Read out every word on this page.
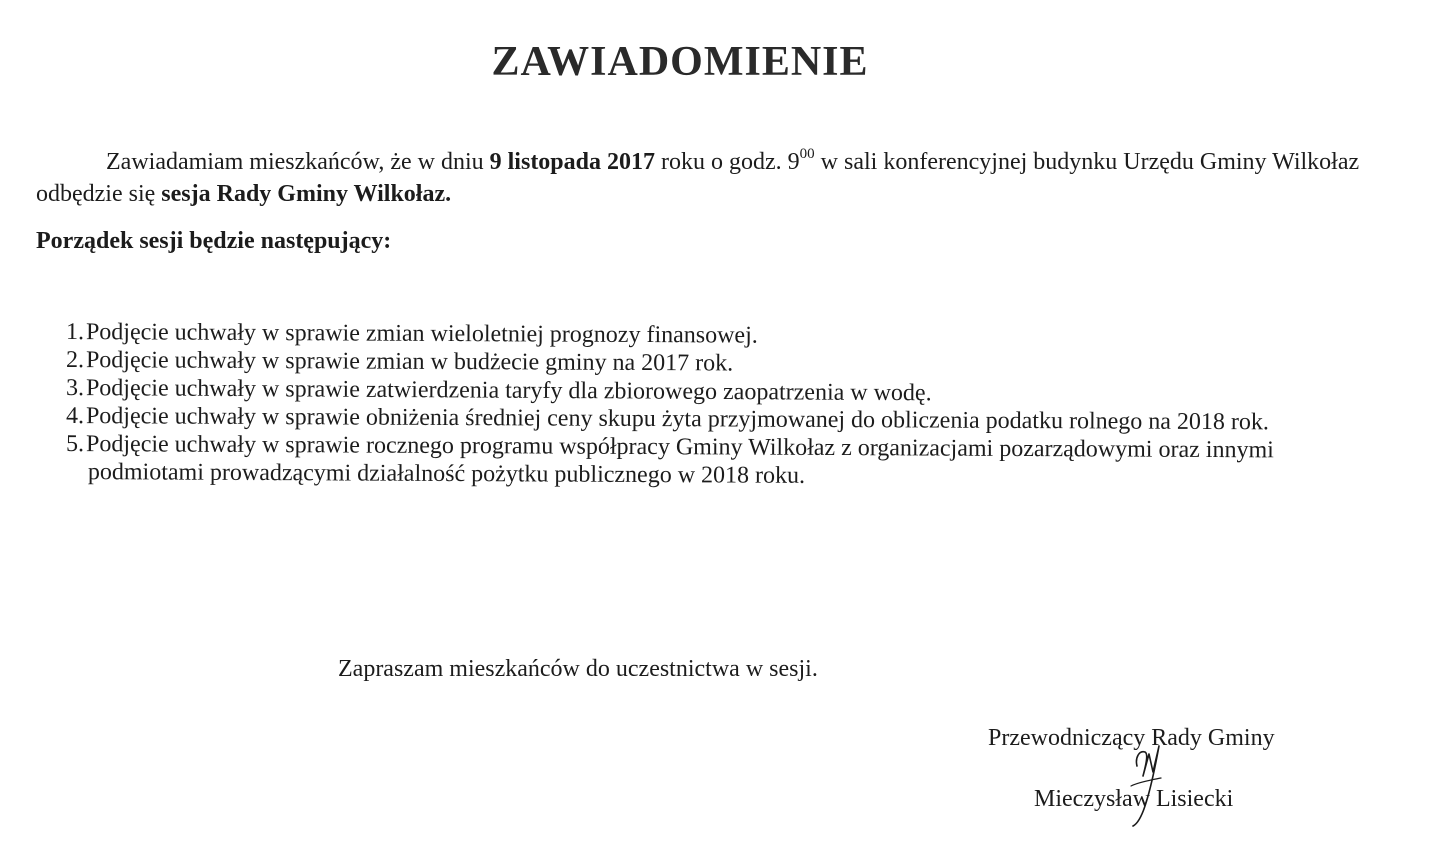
ZAWIADOMIENIE
Zawiadamiam mieszkańców, że w dniu 9 listopada 2017 roku o godz. $9^{00}$ w sali konferencyjnej budynku Urzędu Gminy Wilkołaz odbędzie się sesja Rady Gminy Wilkołaz.
Porządek sesji będzie następujący:
1. Podjęcie uchwały w sprawie zmian wieloletniej prognozy finansowej.
2. Podjęcie uchwały w sprawie zmian w budżecie gminy na 2017 rok.
3. Podjęcie uchwały w sprawie zatwierdzenia taryfy dla zbiorowego zaopatrzenia w wodę.
4. Podjęcie uchwały w sprawie obniżenia średniej ceny skupu żyta przyjmowanej do obliczenia podatku rolnego na 2018 rok.
5. Podjęcie uchwały w sprawie rocznego programu współpracy Gminy Wilkołaz z organizacjami pozarządowymi oraz innymi
podmiotami prowadzącymi działalność pożytku publicznego w 2018 roku.
Zapraszam mieszkańców do uczestnictwa w sesji.
Przewodniczący Rady Gminy
Mieczysław Lisiecki
